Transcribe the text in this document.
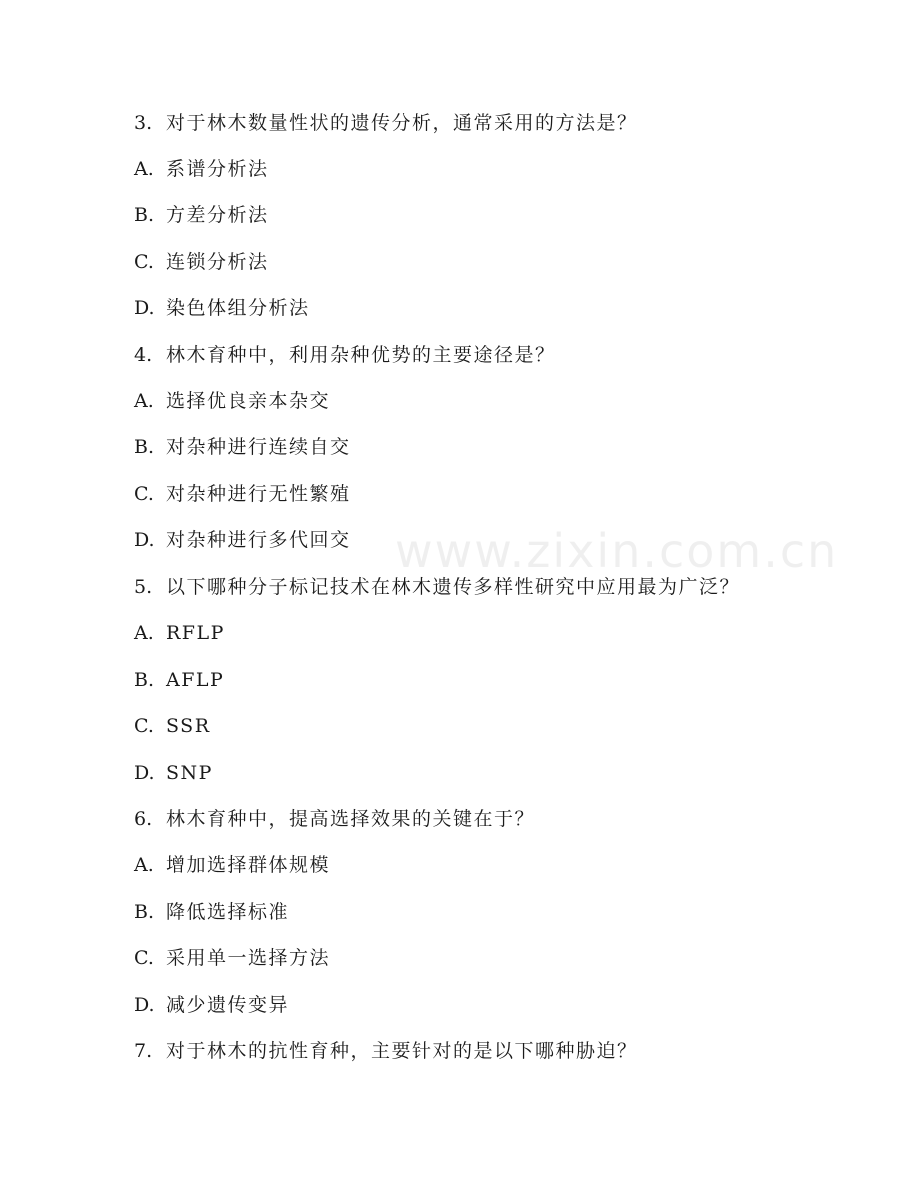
www.zixin.com.cn
3. 对于林木数量性状的遗传分析，通常采用的方法是？
A. 系谱分析法
B. 方差分析法
C. 连锁分析法
D. 染色体组分析法
4. 林木育种中，利用杂种优势的主要途径是？
A. 选择优良亲本杂交
B. 对杂种进行连续自交
C. 对杂种进行无性繁殖
D. 对杂种进行多代回交
5. 以下哪种分子标记技术在林木遗传多样性研究中应用最为广泛？
A. RFLP
B. AFLP
C. SSR
D. SNP
6. 林木育种中，提高选择效果的关键在于？
A. 增加选择群体规模
B. 降低选择标准
C. 采用单一选择方法
D. 减少遗传变异
7. 对于林木的抗性育种，主要针对的是以下哪种胁迫？
